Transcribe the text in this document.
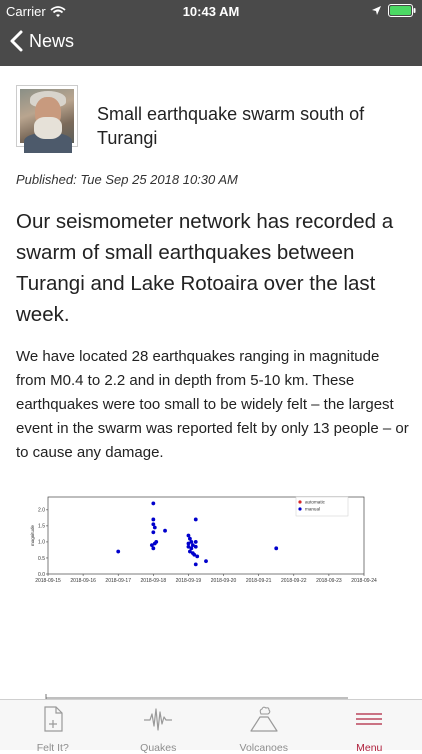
Carrier	10:43 AM
News
Small earthquake swarm south of Turangi
Published: Tue Sep 25 2018 10:30 AM
Our seismometer network has recorded a swarm of small earthquakes between Turangi and Lake Rotoaira over the last week.
We have located 28 earthquakes ranging in magnitude from M0.4 to 2.2 and in depth from 5-10 km. These earthquakes were too small to be widely felt – the largest event in the swarm was reported felt by only 13 people – or to cause any damage.
2018-09-15 2018-09-16 2018-09-17 2018-09-18 2018-09-19 2018-09-20 2018-09-21 2018-09-22 2018-09-23 2018-09-24
0.0
0.5
1.0
1.5
2.0
magnitude
automatic
manual
Felt It?	Quakes	Volcanoes	Menu
